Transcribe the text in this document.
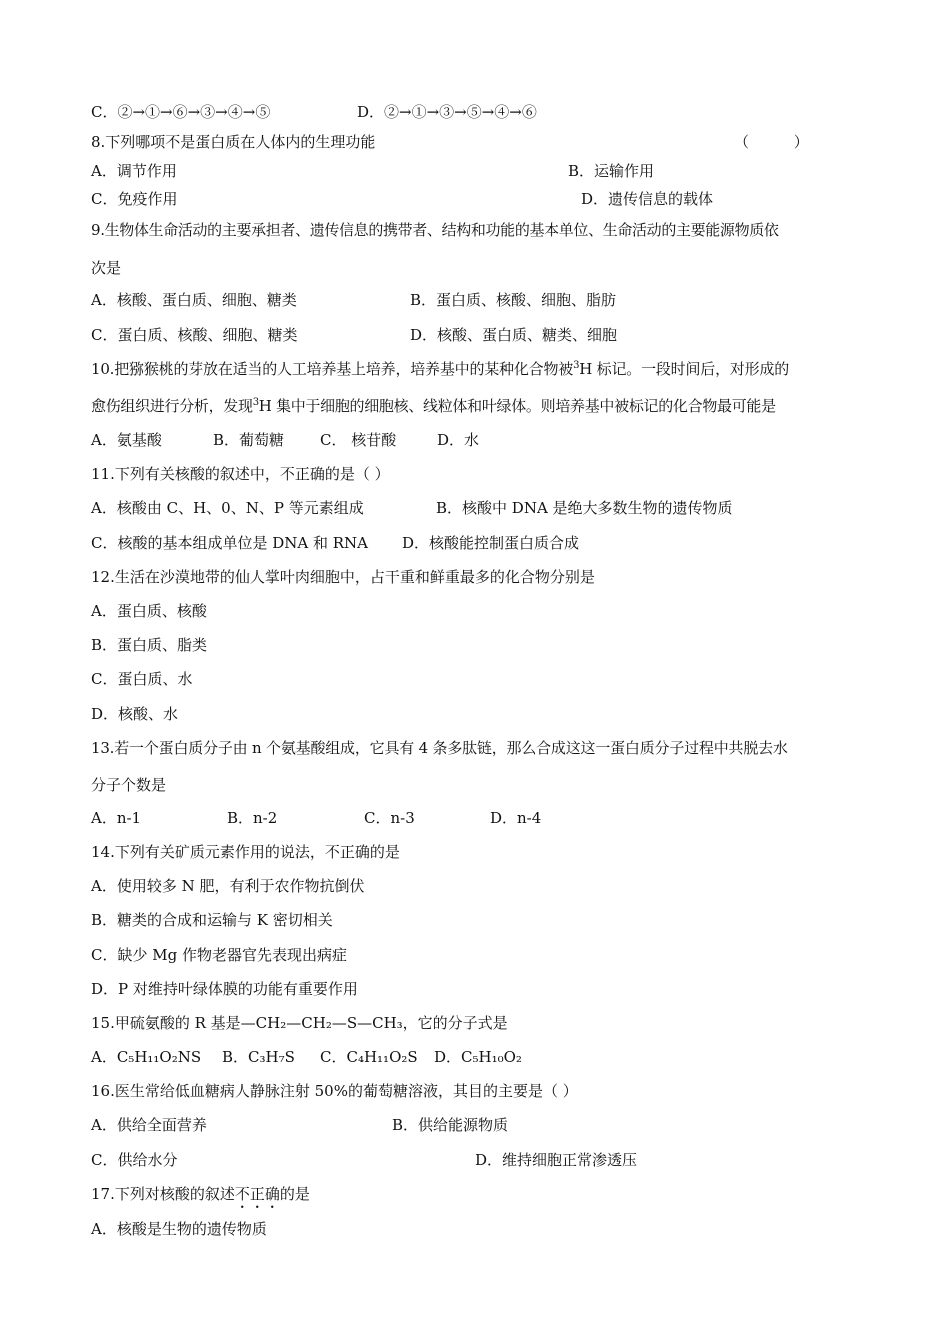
C．②→①→⑥→③→④→⑤	D．②→①→③→⑤→④→⑥
8.下列哪项不是蛋白质在人体内的生理功能	（ ）
A．调节作用	B．运输作用
C．免疫作用	D．遗传信息的载体
9.生物体生命活动的主要承担者、遗传信息的携带者、结构和功能的基本单位、生命活动的主要能源物质依
次是
A．核酸、蛋白质、细胞、糖类	B．蛋白质、核酸、细胞、脂肪
C．蛋白质、核酸、细胞、糖类	D．核酸、蛋白质、糖类、细胞
10.把猕猴桃的芽放在适当的人工培养基上培养，培养基中的某种化合物被$^3$H 标记。一段时间后，对形成的
愈伤组织进行分析，发现$^3$H 集中于细胞的细胞核、线粒体和叶绿体。则培养基中被标记的化合物最可能是
A．氨基酸	B．葡萄糖 C． 核苷酸	D．水
11.下列有关核酸的叙述中，不正确的是（ ）
A．核酸由 C、H、0、N、P 等元素组成	B．核酸中 DNA 是绝大多数生物的遗传物质
C．核酸的基本组成单位是 DNA 和 RNA D．核酸能控制蛋白质合成
12.生活在沙漠地带的仙人掌叶肉细胞中，占干重和鲜重最多的化合物分别是
A．蛋白质、核酸
B．蛋白质、脂类
C．蛋白质、水
D．核酸、水
13.若一个蛋白质分子由 n 个氨基酸组成，它具有 4 条多肽链，那么合成这这一蛋白质分子过程中共脱去水
分子个数是
A．n-1	B．n-2	C．n-3	D．n-4
14.下列有关矿质元素作用的说法，不正确的是
A．使用较多 N 肥，有利于农作物抗倒伏
B．糖类的合成和运输与 K 密切相关
C．缺少 Mg 作物老器官先表现出病症
D．P 对维持叶绿体膜的功能有重要作用
15.甲硫氨酸的 R 基是—CH₂—CH₂—S—CH₃，它的分子式是
A．C₅H₁₁O₂NS B．C₃H₇S C．C₄H₁₁O₂S D．C₅H₁₀O₂
16.医生常给低血糖病人静脉注射 50%的葡萄糖溶液，其目的主要是（ ）
A．供给全面营养	B．供给能源物质
C．供给水分	D．维持细胞正常渗透压
17.下列对核酸的叙述不正确的是
A．核酸是生物的遗传物质
